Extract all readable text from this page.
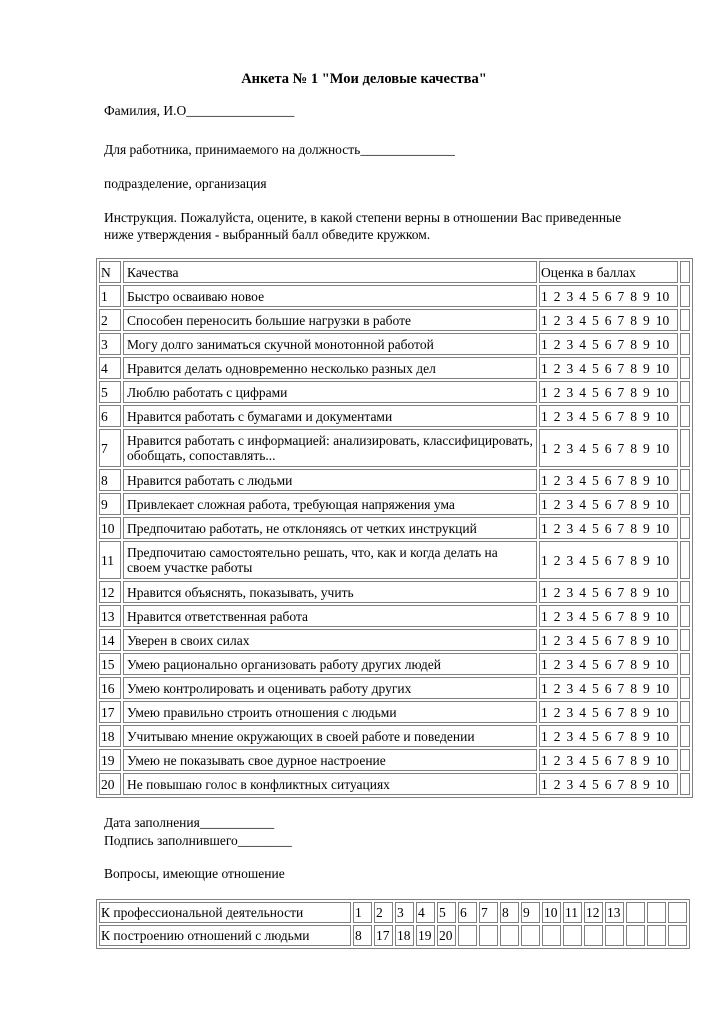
Анкета № 1 "Мои деловые качества"
Фамилия, И.О________________
Для работника, принимаемого на должность______________
подразделение, организация
Инструкция. Пожалуйста, оцените, в какой степени верны в отношении Вас приведенные
ниже утверждения - выбранный балл обведите кружком.
N	Качества	Оценка в баллах	
1	Быстро осваиваю новое	1 2 3 4 5 6 7 8 9 10	
2	Способен переносить большие нагрузки в работе	1 2 3 4 5 6 7 8 9 10	
3	Могу долго заниматься скучной монотонной работой	1 2 3 4 5 6 7 8 9 10	
4	Нравится делать одновременно несколько разных дел	1 2 3 4 5 6 7 8 9 10	
5	Люблю работать с цифрами	1 2 3 4 5 6 7 8 9 10	
6	Нравится работать с бумагами и документами	1 2 3 4 5 6 7 8 9 10	
7	Нравится работать с информацией: анализировать, классифицировать, обобщать, сопоставлять...	1 2 3 4 5 6 7 8 9 10	
8	Нравится работать с людьми	1 2 3 4 5 6 7 8 9 10	
9	Привлекает сложная работа, требующая напряжения ума	1 2 3 4 5 6 7 8 9 10	
10	Предпочитаю работать, не отклоняясь от четких инструкций	1 2 3 4 5 6 7 8 9 10	
11	Предпочитаю самостоятельно решать, что, как и когда делать на своем участке работы	1 2 3 4 5 6 7 8 9 10	
12	Нравится объяснять, показывать, учить	1 2 3 4 5 6 7 8 9 10	
13	Нравится ответственная работа	1 2 3 4 5 6 7 8 9 10	
14	Уверен в своих силах	1 2 3 4 5 6 7 8 9 10	
15	Умею рационально организовать работу других людей	1 2 3 4 5 6 7 8 9 10	
16	Умею контролировать и оценивать работу других	1 2 3 4 5 6 7 8 9 10	
17	Умею правильно строить отношения с людьми	1 2 3 4 5 6 7 8 9 10	
18	Учитываю мнение окружающих в своей работе и поведении	1 2 3 4 5 6 7 8 9 10	
19	Умею не показывать свое дурное настроение	1 2 3 4 5 6 7 8 9 10	
20	Не повышаю голос в конфликтных ситуациях	1 2 3 4 5 6 7 8 9 10	
Дата заполнения___________
Подпись заполнившего________
Вопросы, имеющие отношение
К профессиональной деятельности	1	2	3	4	5	6	7	8	9	10	11	12	13			
К построению отношений с людьми	8	17	18	19	20											
